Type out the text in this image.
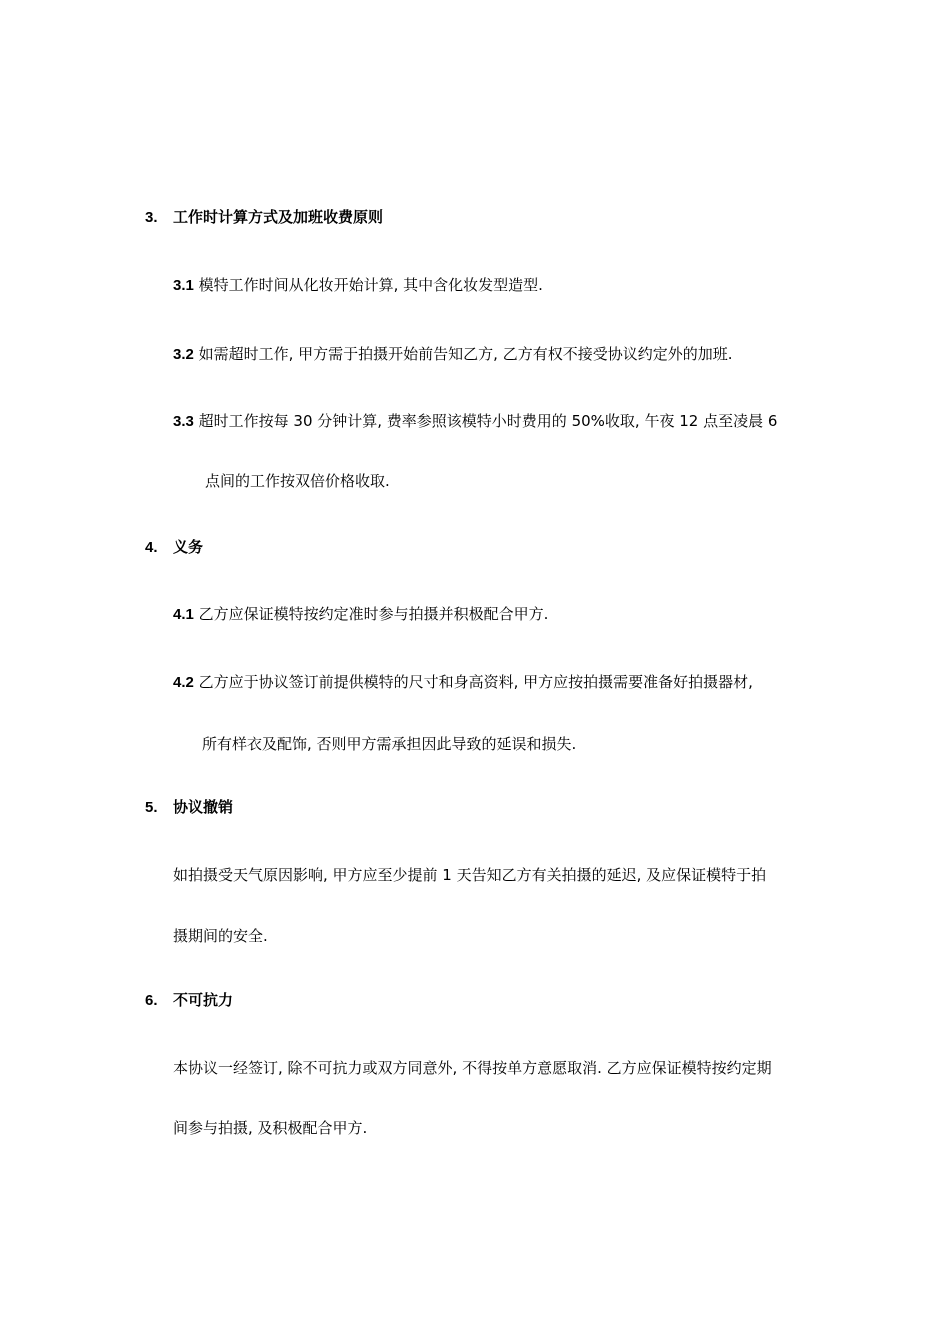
3. 工作时计算方式及加班收费原则
3.1 模特工作时间从化妆开始计算, 其中含化妆发型造型.
3.2 如需超时工作, 甲方需于拍摄开始前告知乙方, 乙方有权不接受协议约定外的加班.
3.3 超时工作按每 30 分钟计算, 费率参照该模特小时费用的 50%收取, 午夜 12 点至凌晨 6
点间的工作按双倍价格收取.
4. 义务
4.1 乙方应保证模特按约定准时参与拍摄并积极配合甲方.
4.2 乙方应于协议签订前提供模特的尺寸和身高资料, 甲方应按拍摄需要准备好拍摄器材,
所有样衣及配饰, 否则甲方需承担因此导致的延误和损失.
5. 协议撤销
如拍摄受天气原因影响, 甲方应至少提前 1 天告知乙方有关拍摄的延迟, 及应保证模特于拍
摄期间的安全.
6. 不可抗力
本协议一经签订, 除不可抗力或双方同意外, 不得按单方意愿取消. 乙方应保证模特按约定期
间参与拍摄, 及积极配合甲方.
